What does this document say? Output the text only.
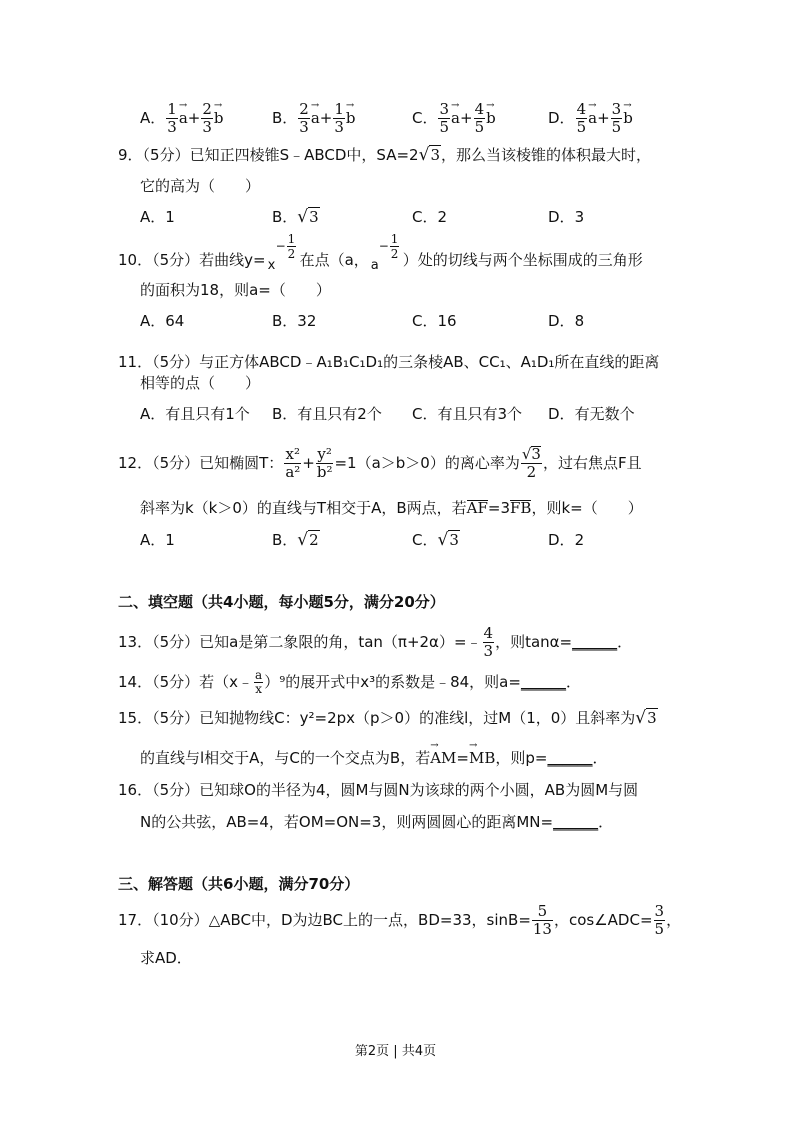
A． $\frac{1}{3} \to a+ \frac{2}{3} \to b$	B． $\frac{2}{3} \to a+ \frac{1}{3} \to b$	C． $\frac{3}{5} \to a+ \frac{4}{5} \to b$	D． $\frac{4}{5} \to a+ \frac{3}{5} \to b$
9．（5分）已知正四棱锥S﹣ABCD中，SA=2√3，那么当该棱锥的体积最大时，
它的高为（　　）
A．1	B．√3	C．2	D．3
10．（5分）若曲线y= x
− $\frac{1}{2}$ 在点（a， a
− $\frac{1}{2}$ ）处的切线与两个坐标围成的三角形
的面积为18，则a=（　　）
A．64	B．32	C．16	D．8
11．（5分）与正方体ABCD﹣A₁B₁C₁D₁的三条棱AB、CC₁、A₁D₁所在直线的距离
相等的点（　　）
A．有且只有1个 B．有且只有2个 C．有且只有3个 D．有无数个
12．（5分）已知椭圆T： $\frac{\text{x²}}{\text{a²}} + \frac{\text{y²}}{\text{b²}} =1(a>b>0)$的离心率为 $\frac{√3}{2}$ ，过右焦点F且
斜率为k（k＞0）的直线与T相交于A，B两点，若AF=3FB，则k=（　　）
A．1	B．√2	C．√3	D．2
二、填空题（共4小题，每小题5分，满分20分）
13．（5分）已知a是第二象限的角，tan（π+2α）=﹣ $\frac{4}{3}$ ，则tanα=______．
14．（5分）若（x﹣ $\frac{a}{x} )^9$的展开式中x³的系数是﹣84，则a=______．
15．（5分）已知抛物线C：y²=2px（p＞0）的准线l，过M（1，0）且斜率为√3
的直线与l相交于A，与C的一个交点为B，若→ AM=→ MB，则p=______．
16．（5分）已知球O的半径为4，圆M与圆N为该球的两个小圆，AB为圆M与圆
N的公共弦，AB=4，若OM=ON=3，则两圆圆心的距离MN=______．
三、解答题（共6小题，满分70分）
17．（10分）△ABC中，D为边BC上的一点，BD=33，$\sin B= \frac{5}{13}$ ，cos∠ADC= $\frac{3}{5}$ ，
求AD．
第2页 | 共4页
